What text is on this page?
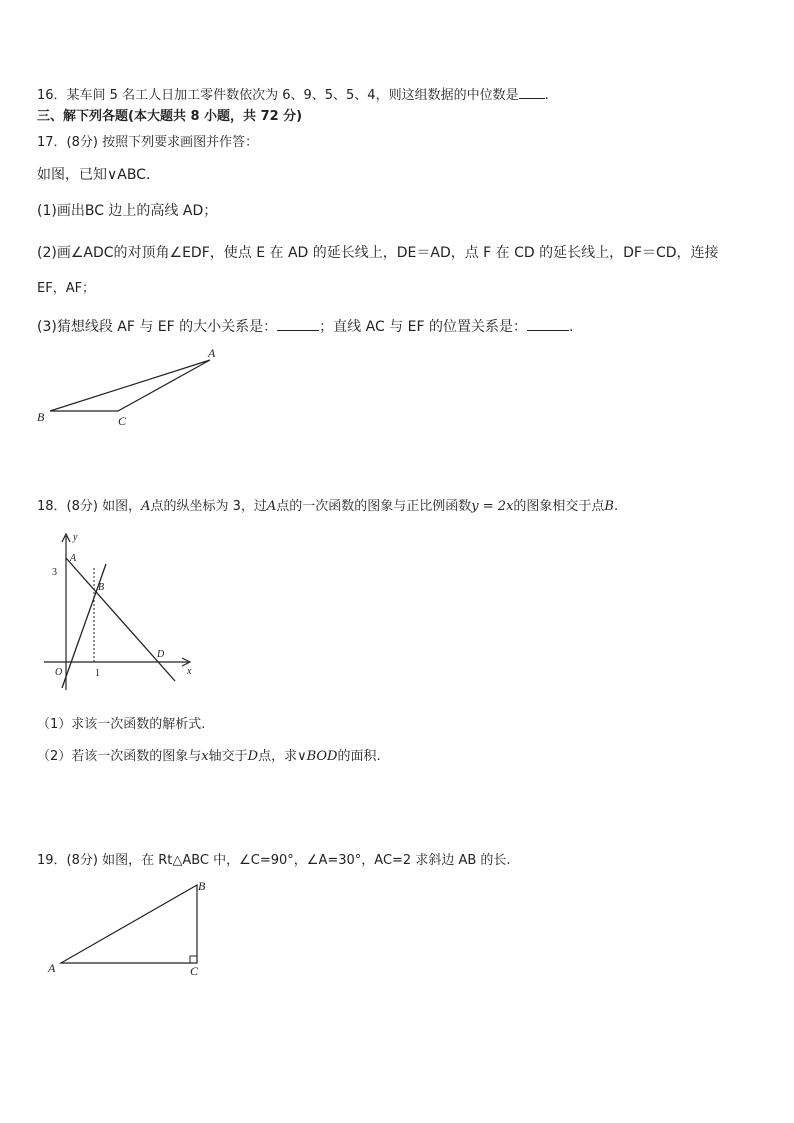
16．某车间 5 名工人日加工零件数依次为 6、9、5、5、4，则这组数据的中位数是 .
三、解下列各题(本大题共 8 小题，共 72 分)
17．(8分) 按照下列要求画图并作答：
如图，已知∨ABC．
(1)画出BC 边上的高线 AD；
(2)画∠ADC的对顶角∠EDF，使点 E 在 AD 的延长线上，DE＝AD，点 F 在 CD 的延长线上，DF＝CD，连接
EF，AF；
(3)猜想线段 AF 与 EF 的大小关系是：	；直线 AC 与 EF 的位置关系是：	.
A
B	C
18．(8分) 如图，A点的纵坐标为 3，过A点的一次函数的图象与正比例函数y = 2x的图象相交于点B.
y
x
A
B
D
O
3
1
（1）求该一次函数的解析式.
（2）若该一次函数的图象与x轴交于D点，求∨BOD的面积.
19．(8分) 如图，在 Rt△ABC 中，∠C=90°，∠A=30°，AC=2 求斜边 AB 的长.
A
B
C
